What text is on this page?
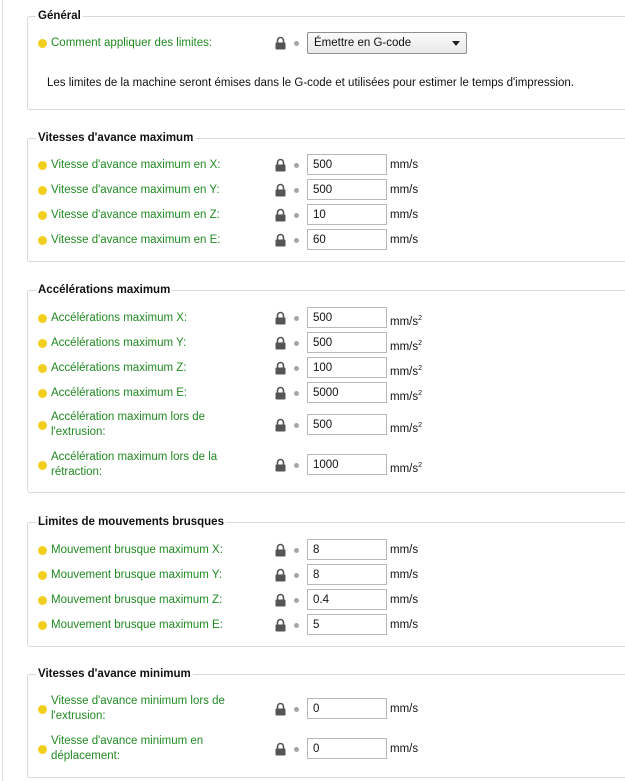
Général
Comment appliquer des limites:	Émettre en G-code
Les limites de la machine seront émises dans le G-code et utilisées pour estimer le temps d'impression.
Vitesses d'avance maximum
Vitesse d'avance maximum en X:
500	mm/s
Vitesse d'avance maximum en Y:
500	mm/s
Vitesse d'avance maximum en Z:
10	mm/s
Vitesse d'avance maximum en E:
60	mm/s
Accélérations maximum
Accélérations maximum X:
500	$mm/s^2$
Accélérations maximum Y:
500	$mm/s^2$
Accélérations maximum Z:
100	$mm/s^2$
Accélérations maximum E:
5000	$mm/s^2$
Accélération maximum lors de l'extrusion:
500	$mm/s^2$
Accélération maximum lors de la rétraction:
1000	$mm/s^2$
Limites de mouvements brusques
Mouvement brusque maximum X:
8	mm/s
Mouvement brusque maximum Y:
8	mm/s
Mouvement brusque maximum Z:
0.4	mm/s
Mouvement brusque maximum E:
5	mm/s
Vitesses d'avance minimum
Vitesse d'avance minimum lors de l'extrusion:
0
mm/s
Vitesse d'avance minimum en déplacement:
0
mm/s
